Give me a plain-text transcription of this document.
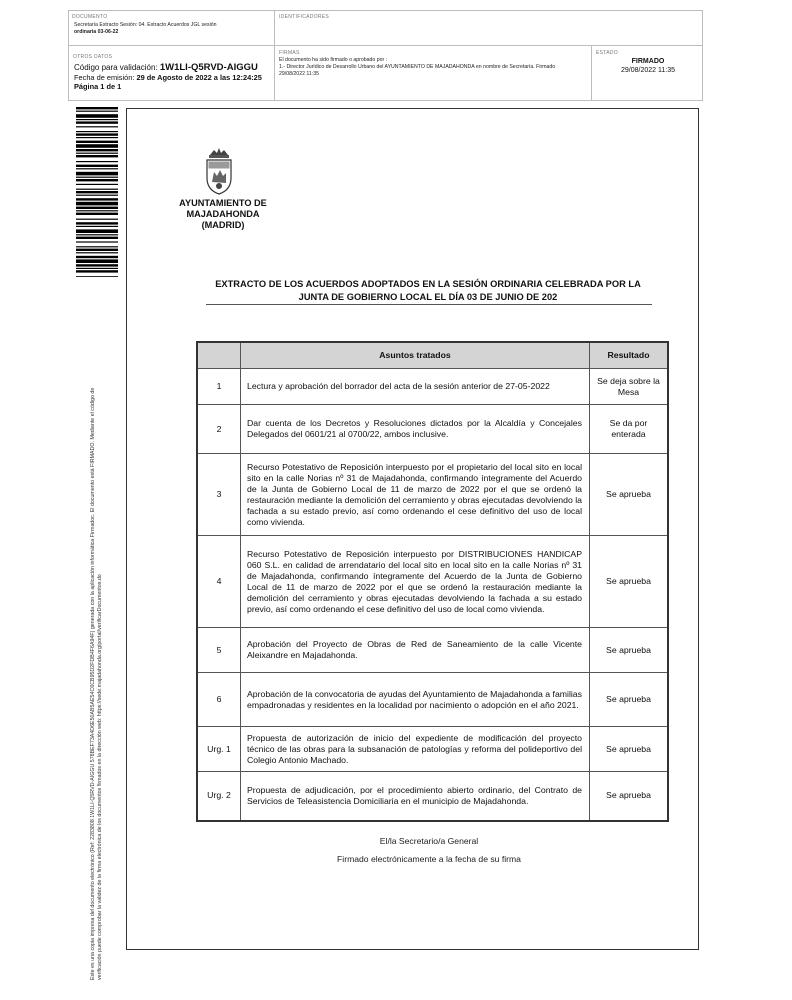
DOCUMENTO
Secretaría Extracto Sesión: 04. Extracto Acuerdos JGL sesión
ordinaria 03-06-22
IDENTIFICADORES
OTROS DATOS
Código para validación: 1W1LI-Q5RVD-AIGGU
Fecha de emisión: 29 de Agosto de 2022 a las 12:24:25
Página 1 de 1
FIRMAS
El documento ha sido firmado o aprobado por :
1.- Director Jurídico de Desarrollo Urbano del AYUNTAMIENTO DE MAJADAHONDA en nombre de Secretaría. Firmado
29/08/2022 11:35
ESTADO
FIRMADO
29/08/2022 11:35
Este es una copia impresa del documento electrónico (Ref: 2283808 1W1LI-Q5RVD-AIGGU 578BEF73A4D6E50AB5AE54C6CB95D2FDB4F6A94F) generada con la aplicación informática Firmadoc. El documento está FIRMADO. Mediante el código de verificación puede comprobar la validez de la firma electrónica de los documentos firmados en la dirección web: https://sede.majadahonda.org/portal/verificarDocumentos.do
AYUNTAMIENTO DE
MAJADAHONDA
(MADRID)
EXTRACTO DE LOS ACUERDOS ADOPTADOS EN LA SESIÓN ORDINARIA CELEBRADA POR LA
JUNTA DE GOBIERNO LOCAL EL DÍA 03 DE JUNIO DE 202
	Asuntos tratados	Resultado
1	Lectura y aprobación del borrador del acta de la sesión anterior de 27-05-2022	Se deja sobre la Mesa
2	Dar cuenta de los Decretos y Resoluciones dictados por la Alcaldía y Concejales Delegados del 0601/21 al 0700/22, ambos inclusive.	Se da por enterada
3	Recurso Potestativo de Reposición interpuesto por el propietario del local sito en local sito en la calle Norias nº 31 de Majadahonda, confirmando íntegramente del Acuerdo de la Junta de Gobierno Local de 11 de marzo de 2022 por el que se ordenó la restauración mediante la demolición del cerramiento y obras ejecutadas devolviendo la fachada a su estado previo, así como ordenando el cese definitivo del uso de local como vivienda.	Se aprueba
4	Recurso Potestativo de Reposición interpuesto por DISTRIBUCIONES HANDICAP 060 S.L. en calidad de arrendatario del local sito en local sito en la calle Norias nº 31 de Majadahonda, confirmando íntegramente del Acuerdo de la Junta de Gobierno Local de 11 de marzo de 2022 por el que se ordenó la restauración mediante la demolición del cerramiento y obras ejecutadas devolviendo la fachada a su estado previo, así como ordenando el cese definitivo del uso de local como vivienda.	Se aprueba
5	Aprobación del Proyecto de Obras de Red de Saneamiento de la calle Vicente Aleixandre en Majadahonda.	Se aprueba
6	Aprobación de la convocatoria de ayudas del Ayuntamiento de Majadahonda a familias empadronadas y residentes en la localidad por nacimiento o adopción en el año 2021.	Se aprueba
Urg. 1	Propuesta de autorización de inicio del expediente de modificación del proyecto técnico de las obras para la subsanación de patologías y reforma del polideportivo del Colegio Antonio Machado.	Se aprueba
Urg. 2	Propuesta de adjudicación, por el procedimiento abierto ordinario, del Contrato de Servicios de Teleasistencia Domiciliaria en el municipio de Majadahonda.	Se aprueba
El/la Secretario/a General
Firmado electrónicamente a la fecha de su firma
